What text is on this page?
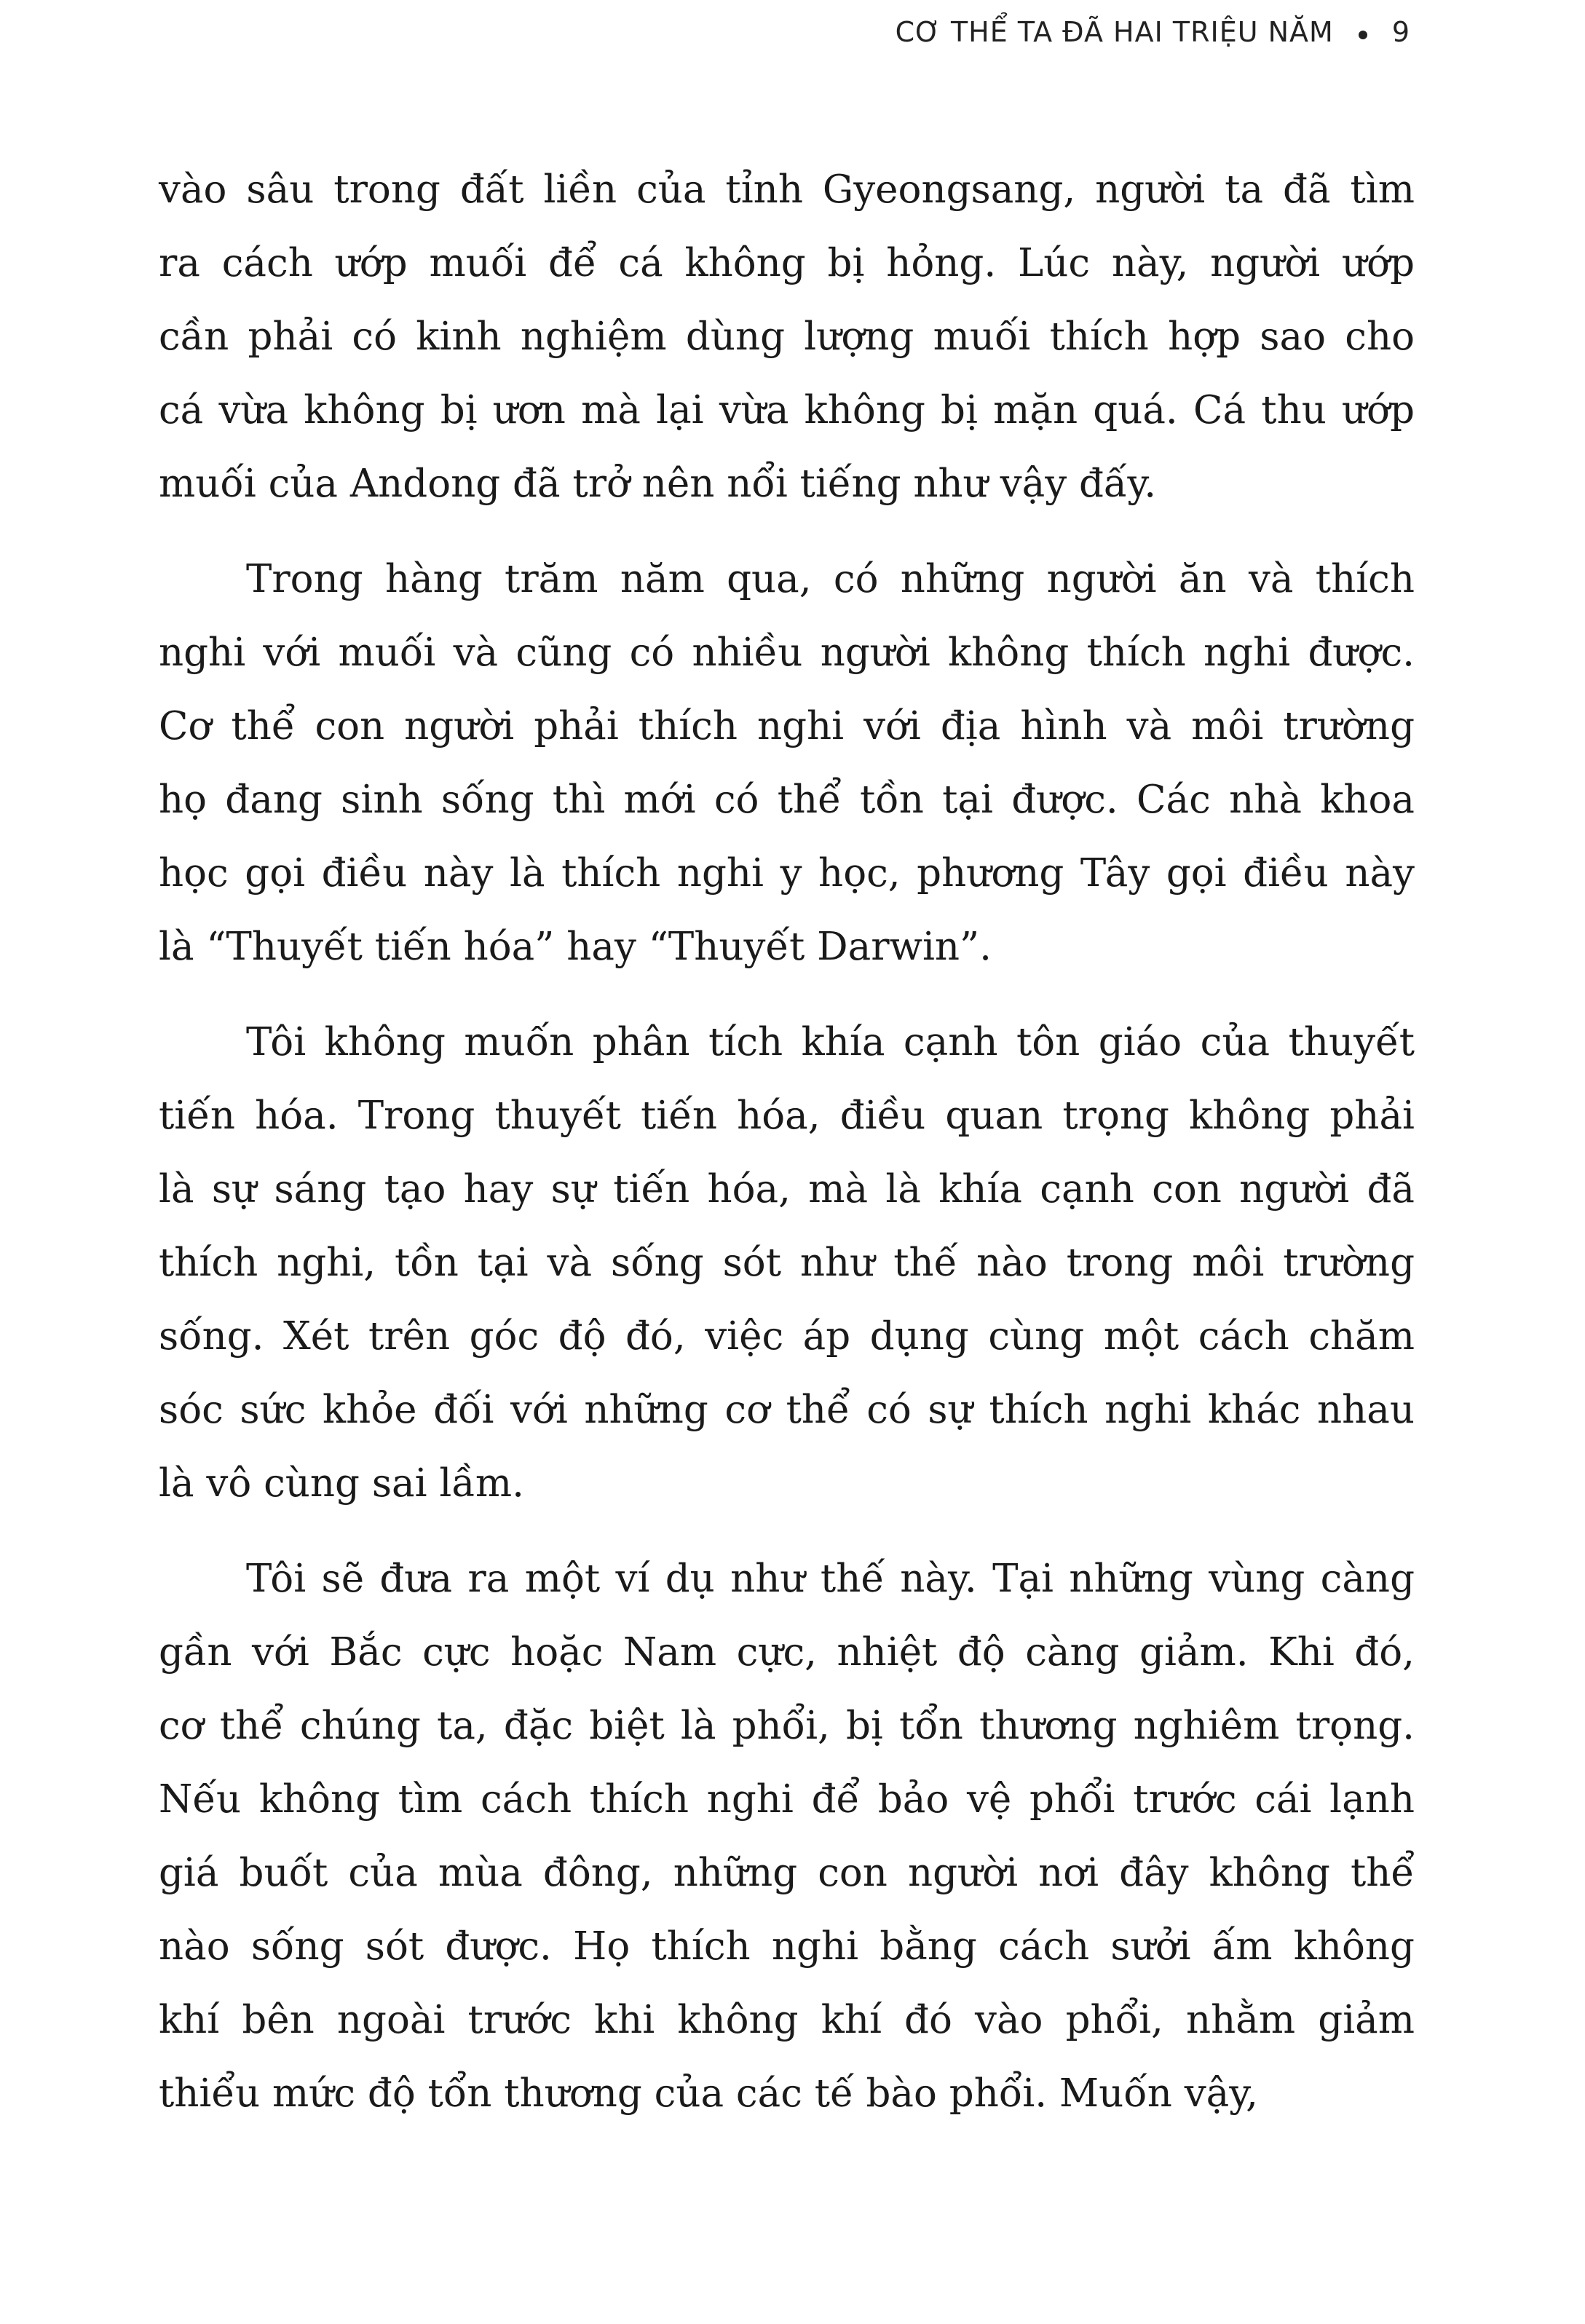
CƠ THỂ TA ĐÃ HAI TRIỆU NĂM 9
vào sâu trong đất liền của tỉnh Gyeongsang, người ta đã tìm
ra cách ướp muối để cá không bị hỏng. Lúc này, người ướp
cần phải có kinh nghiệm dùng lượng muối thích hợp sao cho
cá vừa không bị ươn mà lại vừa không bị mặn quá. Cá thu ướp
muối của Andong đã trở nên nổi tiếng như vậy đấy.
Trong hàng trăm năm qua, có những người ăn và thích
nghi với muối và cũng có nhiều người không thích nghi được.
Cơ thể con người phải thích nghi với địa hình và môi trường
họ đang sinh sống thì mới có thể tồn tại được. Các nhà khoa
học gọi điều này là thích nghi y học, phương Tây gọi điều này
là “Thuyết tiến hóa” hay “Thuyết Darwin”.
Tôi không muốn phân tích khía cạnh tôn giáo của thuyết
tiến hóa. Trong thuyết tiến hóa, điều quan trọng không phải
là sự sáng tạo hay sự tiến hóa, mà là khía cạnh con người đã
thích nghi, tồn tại và sống sót như thế nào trong môi trường
sống. Xét trên góc độ đó, việc áp dụng cùng một cách chăm
sóc sức khỏe đối với những cơ thể có sự thích nghi khác nhau
là vô cùng sai lầm.
Tôi sẽ đưa ra một ví dụ như thế này. Tại những vùng càng
gần với Bắc cực hoặc Nam cực, nhiệt độ càng giảm. Khi đó,
cơ thể chúng ta, đặc biệt là phổi, bị tổn thương nghiêm trọng.
Nếu không tìm cách thích nghi để bảo vệ phổi trước cái lạnh
giá buốt của mùa đông, những con người nơi đây không thể
nào sống sót được. Họ thích nghi bằng cách sưởi ấm không
khí bên ngoài trước khi không khí đó vào phổi, nhằm giảm
thiểu mức độ tổn thương của các tế bào phổi. Muốn vậy,
